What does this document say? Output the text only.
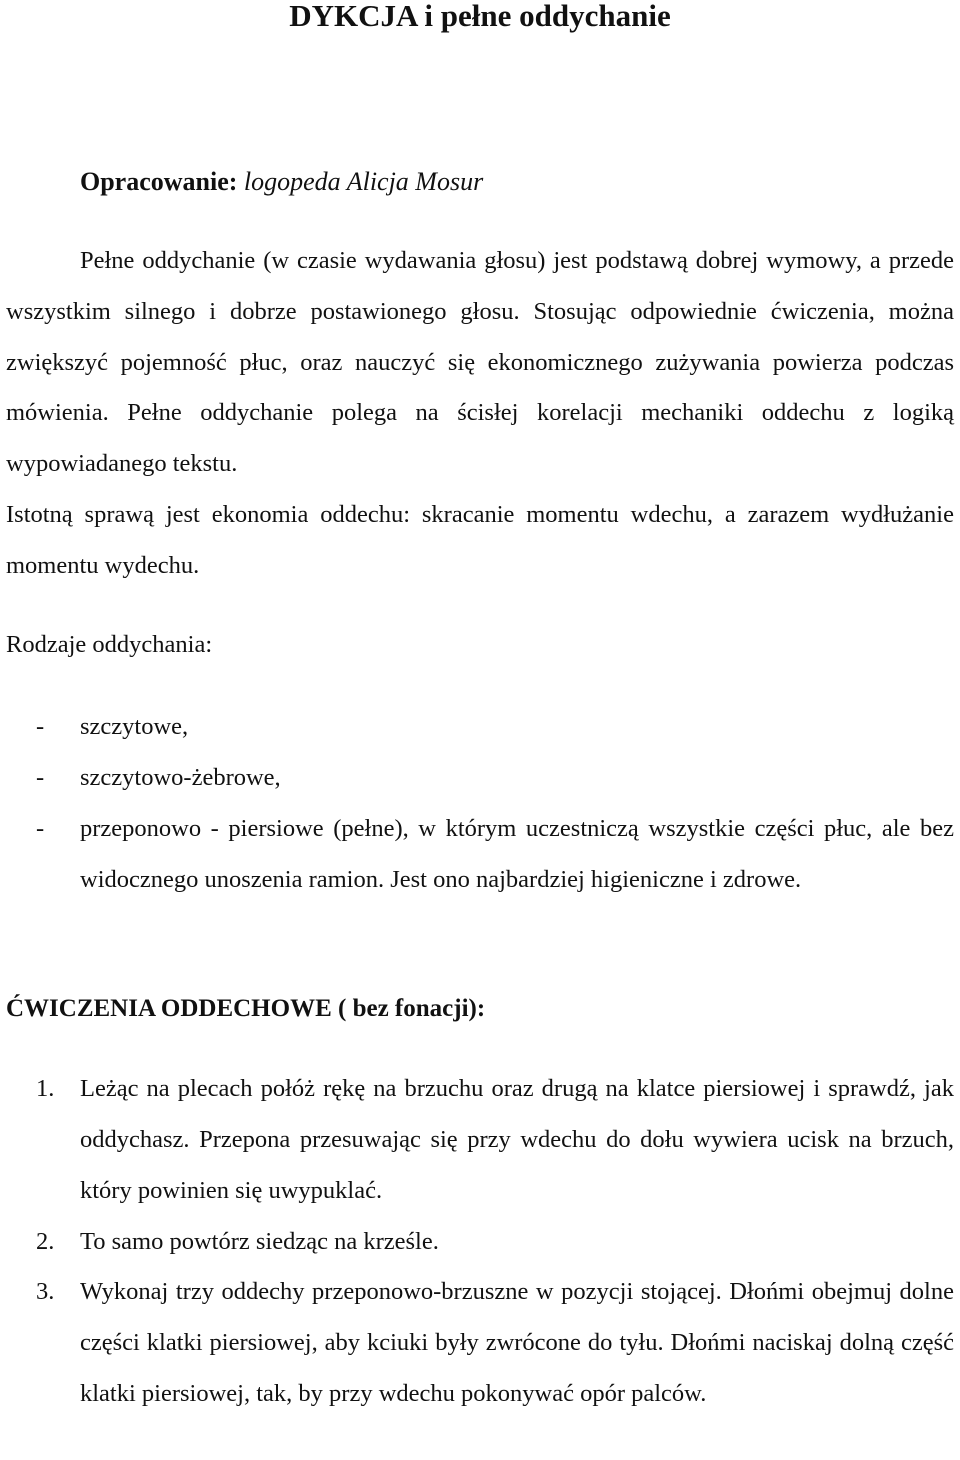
DYKCJA i pełne oddychanie
Opracowanie: logopeda Alicja Mosur

Pełne oddychanie (w czasie wydawania głosu) jest podstawą dobrej wymowy, a przede wszystkim silnego i dobrze postawionego głosu. Stosując odpowiednie ćwiczenia, można zwiększyć pojemność płuc, oraz nauczyć się ekonomicznego zużywania powierza podczas mówienia. Pełne oddychanie polega na ścisłej korelacji mechaniki oddechu z logiką wypowiadanego tekstu.

Istotną sprawą jest ekonomia oddechu: skracanie momentu wdechu, a zarazem wydłużanie momentu wydechu.

Rodzaje oddychania:
- szczytowe,
- szczytowo-żebrowe,
- przeponowo - piersiowe (pełne), w którym uczestniczą wszystkie części płuc, ale bez widocznego unoszenia ramion. Jest ono najbardziej higieniczne i zdrowe.
ĆWICZENIA ODDECHOWE ( bez fonacji):
1. Leżąc na plecach połóż rękę na brzuchu oraz drugą na klatce piersiowej i sprawdź, jak oddychasz. Przepona przesuwając się przy wdechu do dołu wywiera ucisk na brzuch, który powinien się uwypuklać.
2. To samo powtórz siedząc na krześle.
3. Wykonaj trzy oddechy przeponowo-brzuszne w pozycji stojącej. Dłońmi obejmuj dolne części klatki piersiowej, aby kciuki były zwrócone do tyłu. Dłońmi naciskaj dolną część klatki piersiowej, tak, by przy wdechu pokonywać opór palców.
